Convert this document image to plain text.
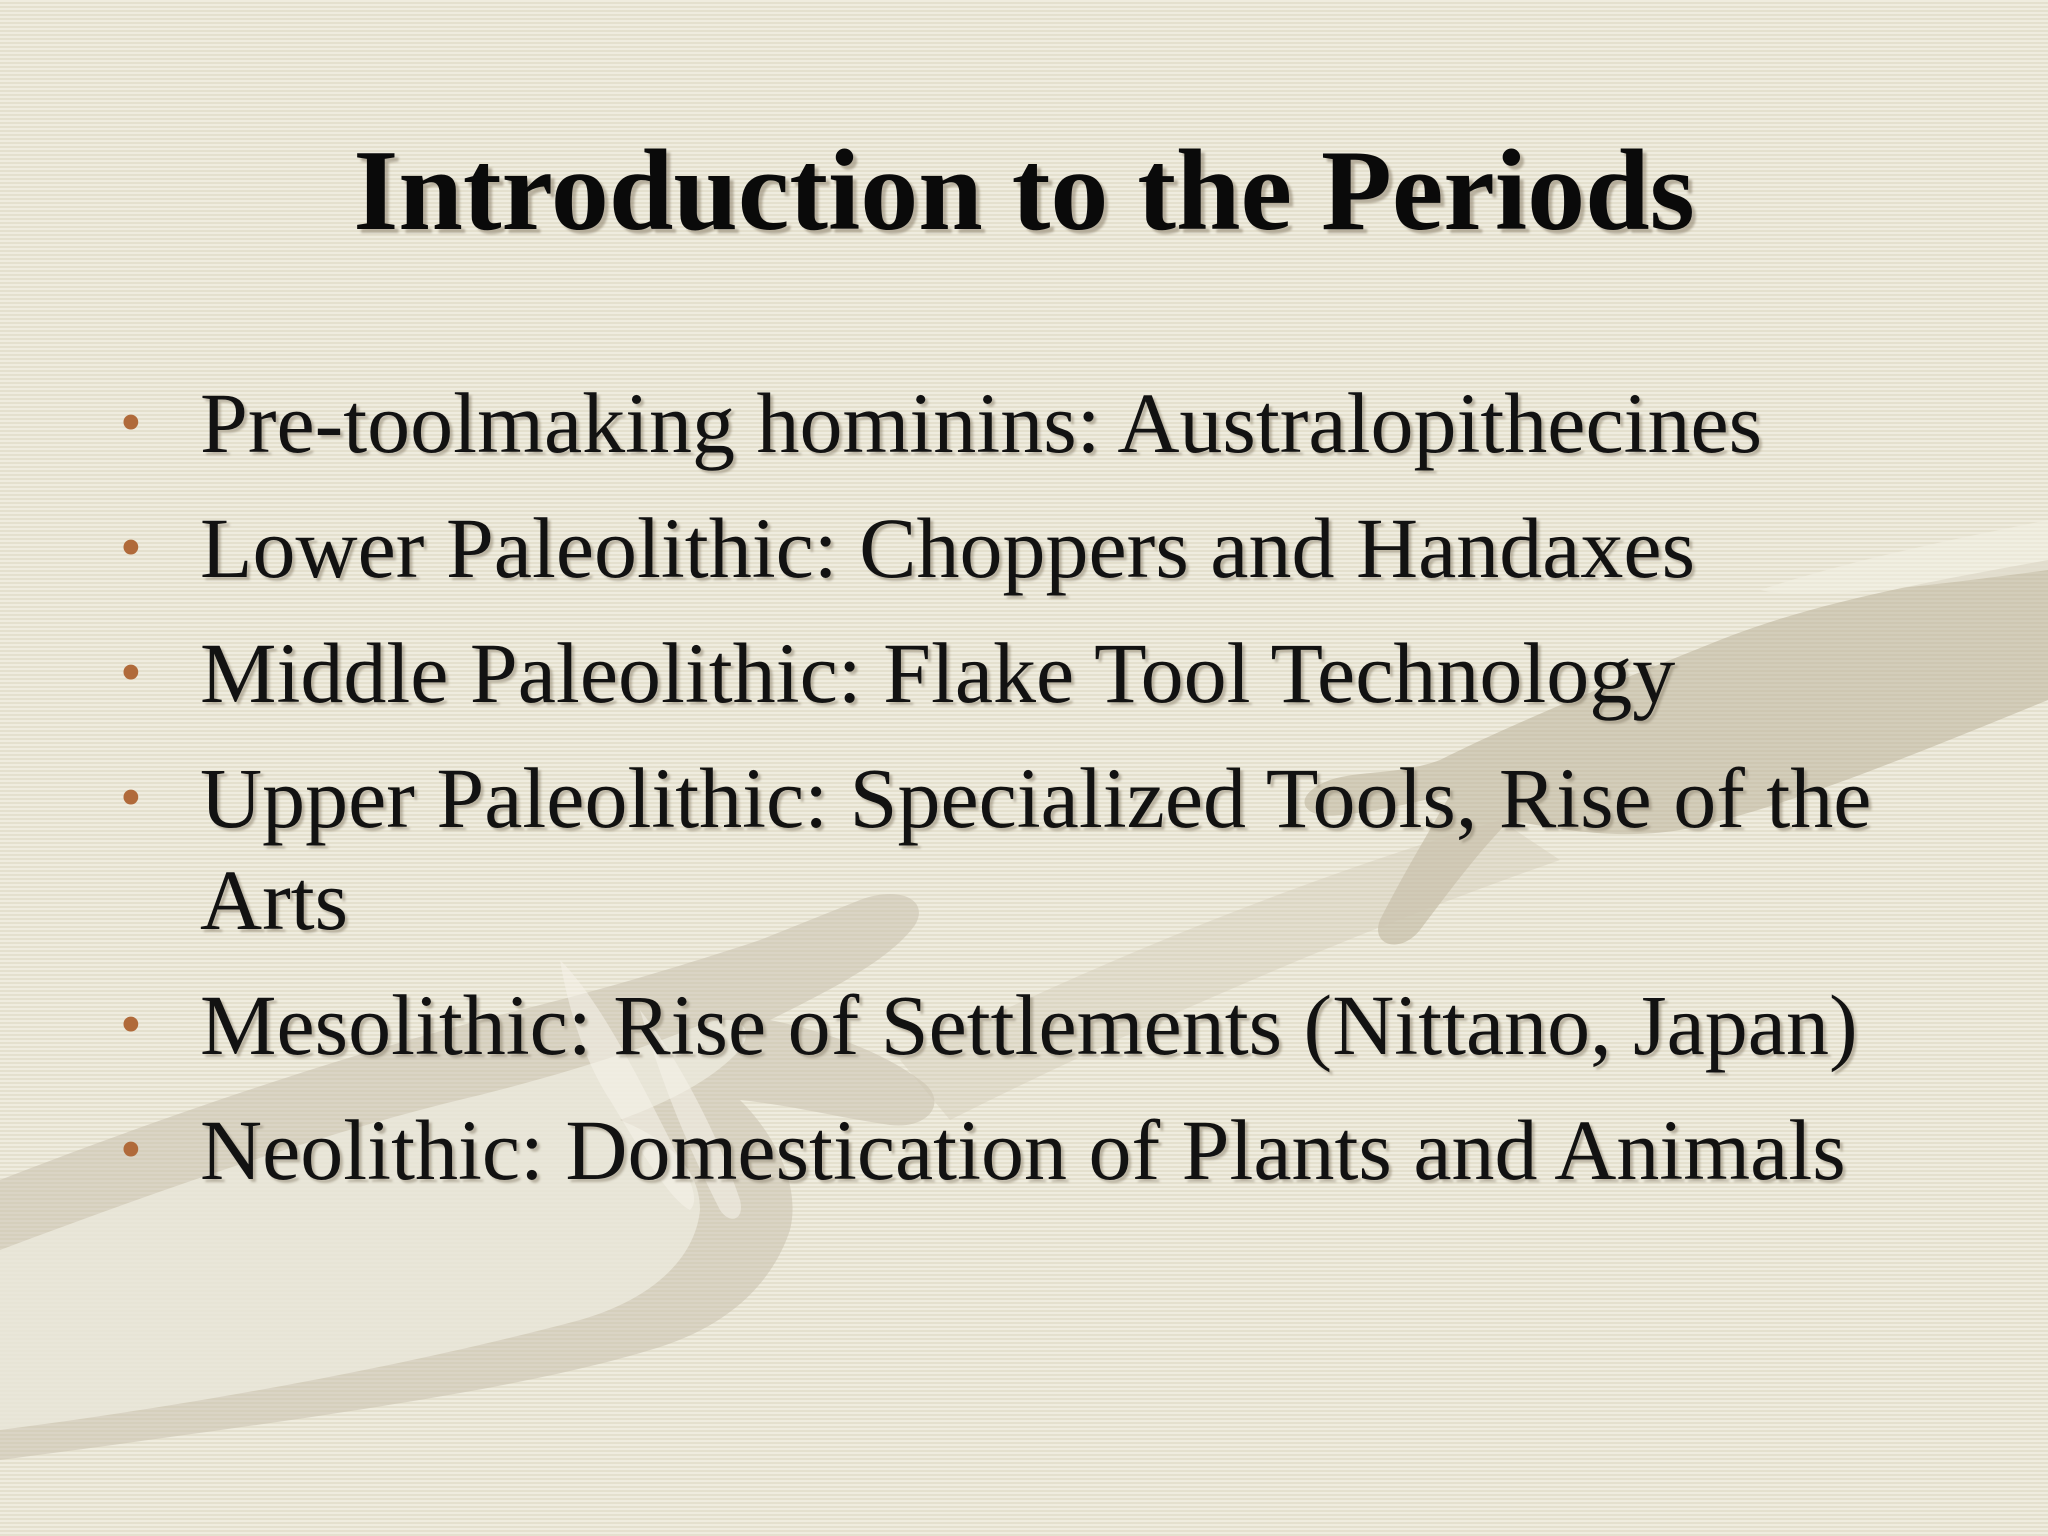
Introduction to the Periods
• Pre-toolmaking hominins: Australopithecines
• Lower Paleolithic: Choppers and Handaxes
• Middle Paleolithic: Flake Tool Technology
• Upper Paleolithic: Specialized Tools, Rise of the Arts
• Mesolithic: Rise of Settlements (Nittano, Japan)
• Neolithic: Domestication of Plants and Animals
